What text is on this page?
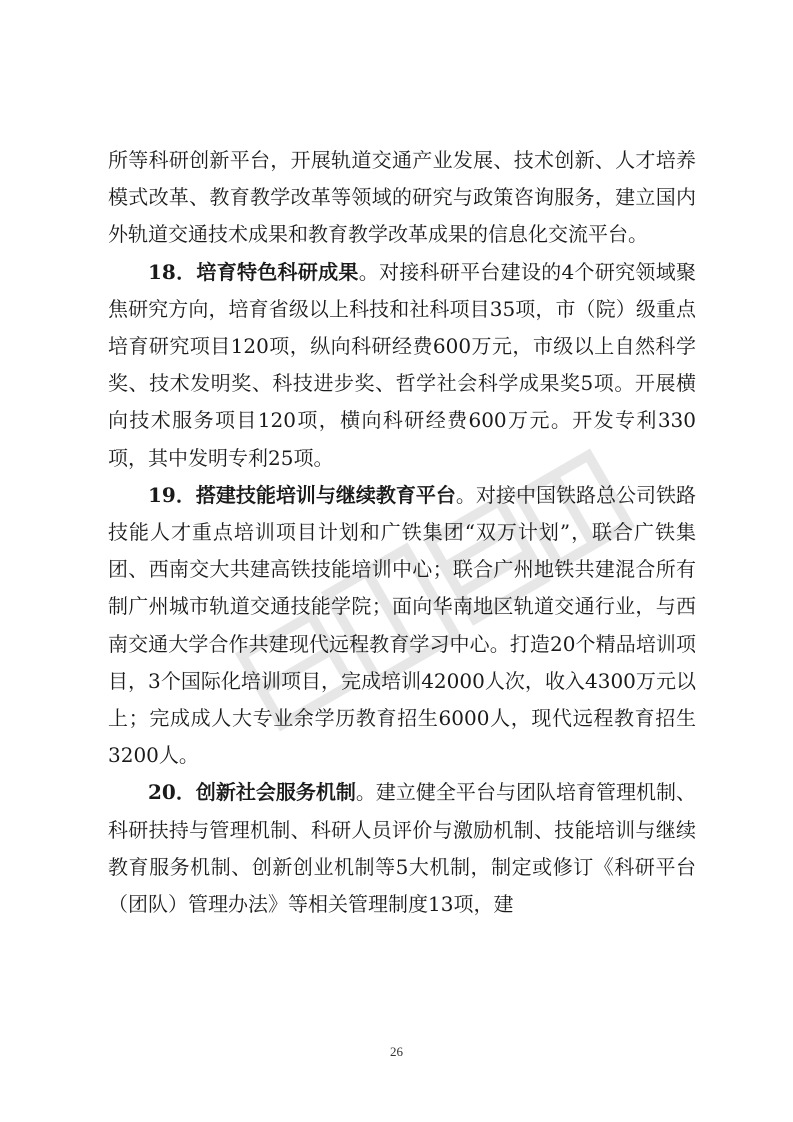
所等科研创新平台，开展轨道交通产业发展、技术创新、人才培养模式改革、教育教学改革等领域的研究与政策咨询服务，建立国内外轨道交通技术成果和教育教学改革成果的信息化交流平台。

18．培育特色科研成果。对接科研平台建设的4个研究领域聚焦研究方向，培育省级以上科技和社科项目35项，市（院）级重点培育研究项目120项，纵向科研经费600万元，市级以上自然科学奖、技术发明奖、科技进步奖、哲学社会科学成果奖5项。开展横向技术服务项目120项，横向科研经费600万元。开发专利330项，其中发明专利25项。

19．搭建技能培训与继续教育平台。对接中国铁路总公司铁路技能人才重点培训项目计划和广铁集团“双万计划”，联合广铁集团、西南交大共建高铁技能培训中心；联合广州地铁共建混合所有制广州城市轨道交通技能学院；面向华南地区轨道交通行业，与西南交通大学合作共建现代远程教育学习中心。打造20个精品培训项目，3个国际化培训项目，完成培训42000人次，收入4300万元以上；完成成人大专业余学历教育招生6000人，现代远程教育招生3200人。

20．创新社会服务机制。建立健全平台与团队培育管理机制、科研扶持与管理机制、科研人员评价与激励机制、技能培训与继续教育服务机制、创新创业机制等5大机制，制定或修订《科研平台（团队）管理办法》等相关管理制度13项，建

26
